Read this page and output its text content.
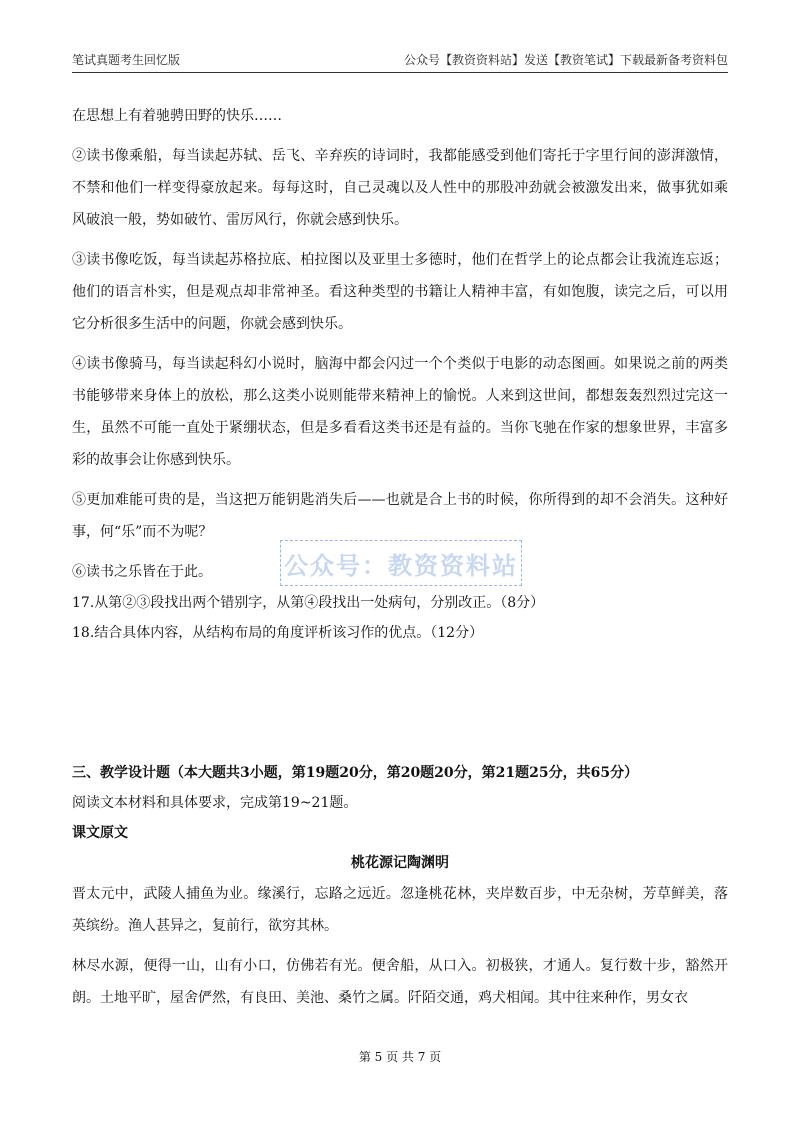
笔试真题考生回忆版	公众号【教资资料站】发送【教资笔试】下载最新备考资料包

在思想上有着驰骋田野的快乐……

②读书像乘船，每当读起苏轼、岳飞、辛弃疾的诗词时，我都能感受到他们寄托于字里行间的澎湃激情，不禁和他们一样变得豪放起来。每每这时，自己灵魂以及人性中的那股冲劲就会被激发出来，做事犹如乘风破浪一般，势如破竹、雷厉风行，你就会感到快乐。

③读书像吃饭，每当读起苏格拉底、柏拉图以及亚里士多德时，他们在哲学上的论点都会让我流连忘返；他们的语言朴实，但是观点却非常神圣。看这种类型的书籍让人精神丰富，有如饱腹，读完之后，可以用它分析很多生活中的问题，你就会感到快乐。

④读书像骑马，每当读起科幻小说时，脑海中都会闪过一个个类似于电影的动态图画。如果说之前的两类书能够带来身体上的放松，那么这类小说则能带来精神上的愉悦。人来到这世间，都想轰轰烈烈过完这一生，虽然不可能一直处于紧绷状态，但是多看看这类书还是有益的。当你飞驰在作家的想象世界，丰富多彩的故事会让你感到快乐。

⑤更加难能可贵的是，当这把万能钥匙消失后——也就是合上书的时候，你所得到的却不会消失。这种好事，何“乐”而不为呢？

⑥读书之乐皆在于此。

17.从第②③段找出两个错别字，从第④段找出一处病句，分别改正。（8分）

18.结合具体内容，从结构布局的角度评析该习作的优点。（12分）

三、教学设计题（本大题共3小题，第19题20分，第20题20分，第21题25分，共65分）

阅读文本材料和具体要求，完成第19~21题。

课文原文

桃花源记陶渊明

晋太元中，武陵人捕鱼为业。缘溪行，忘路之远近。忽逢桃花林，夹岸数百步，中无杂树，芳草鲜美，落英缤纷。渔人甚异之，复前行，欲穷其林。

林尽水源，便得一山，山有小口，仿佛若有光。便舍船，从口入。初极狭，才通人。复行数十步，豁然开朗。土地平旷，屋舍俨然，有良田、美池、桑竹之属。阡陌交通，鸡犬相闻。其中往来种作，男女衣

公众号：教资资料站
第 5 页 共 7 页
